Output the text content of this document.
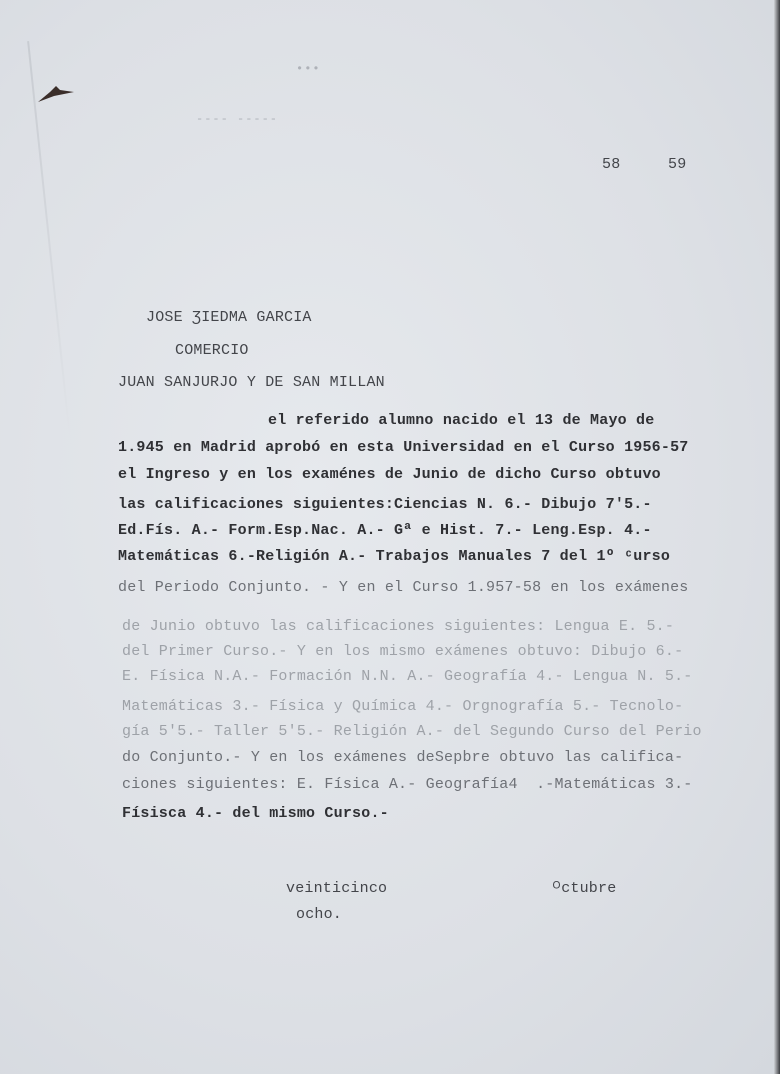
•••
---- -----
58	59
JOSE ƷIEDMA GARCIA
COMERCIO
JUAN SANJURJO Y DE SAN MILLAN
el referido alumno nacido el 13 de Mayo de
1.945 en Madrid aprobó en esta Universidad en el Curso 1956-57
el Ingreso y en los examénes de Junio de dicho Curso obtuvo
las calificaciones siguientes:Ciencias N. 6.- Dibujo 7'5.-
Ed.Fís. A.- Form.Esp.Nac. A.- Gª e Hist. 7.- Leng.Esp. 4.-
Matemáticas 6.-Religión A.- Trabajos Manuales 7 del 1º ᶜurso
del Periodo Conjunto. - Y en el Curso 1.957-58 en los exámenes
de Junio obtuvo las calificaciones siguientes: Lengua E. 5.-
del Primer Curso.- Y en los mismo exámenes obtuvo: Dibujo 6.-
E. Física N.A.- Formación N.N. A.- Geografía 4.- Lengua N. 5.-
Matemáticas 3.- Física y Química 4.- Orgnografía 5.- Tecnolo-
gía 5'5.- Taller 5'5.- Religión A.- del Segundo Curso del Perio
do Conjunto.- Y en los exámenes deSepbre obtuvo las califica-
ciones siguientes: E. Física A.- Geografía4  .-Matemáticas 3.-
Físisca 4.- del mismo Curso.-
veinticinco	ᴼctubre
ocho.
